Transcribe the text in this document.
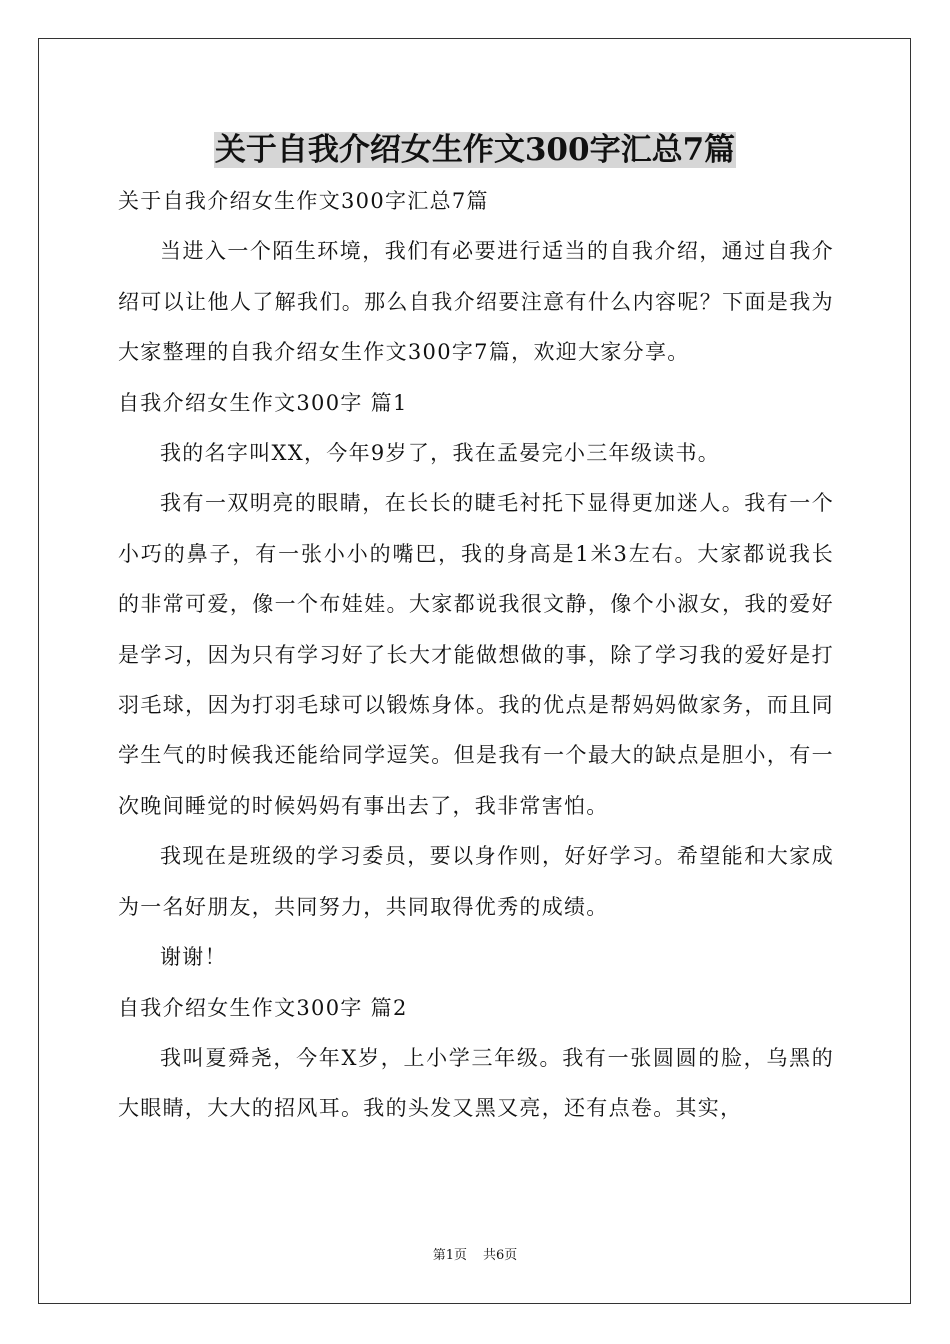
关于自我介绍女生作文300字汇总7篇

关于自我介绍女生作文300字汇总7篇

当进入一个陌生环境，我们有必要进行适当的自我介绍，通过自我介绍可以让他人了解我们。那么自我介绍要注意有什么内容呢？下面是我为大家整理的自我介绍女生作文300字7篇，欢迎大家分享。

自我介绍女生作文300字 篇1

我的名字叫XX，今年9岁了，我在孟晏完小三年级读书。

我有一双明亮的眼睛，在长长的睫毛衬托下显得更加迷人。我有一个小巧的鼻子，有一张小小的嘴巴，我的身高是1米3左右。大家都说我长的非常可爱，像一个布娃娃。大家都说我很文静，像个小淑女，我的爱好是学习，因为只有学习好了长大才能做想做的事，除了学习我的爱好是打羽毛球，因为打羽毛球可以锻炼身体。我的优点是帮妈妈做家务，而且同学生气的时候我还能给同学逗笑。但是我有一个最大的缺点是胆小，有一次晚间睡觉的时候妈妈有事出去了，我非常害怕。

我现在是班级的学习委员，要以身作则，好好学习。希望能和大家成为一名好朋友，共同努力，共同取得优秀的成绩。

谢谢！

自我介绍女生作文300字 篇2

我叫夏舜尧，今年X岁，上小学三年级。我有一张圆圆的脸，乌黑的大眼睛，大大的招风耳。我的头发又黑又亮，还有点卷。其实，

第1页 共6页
